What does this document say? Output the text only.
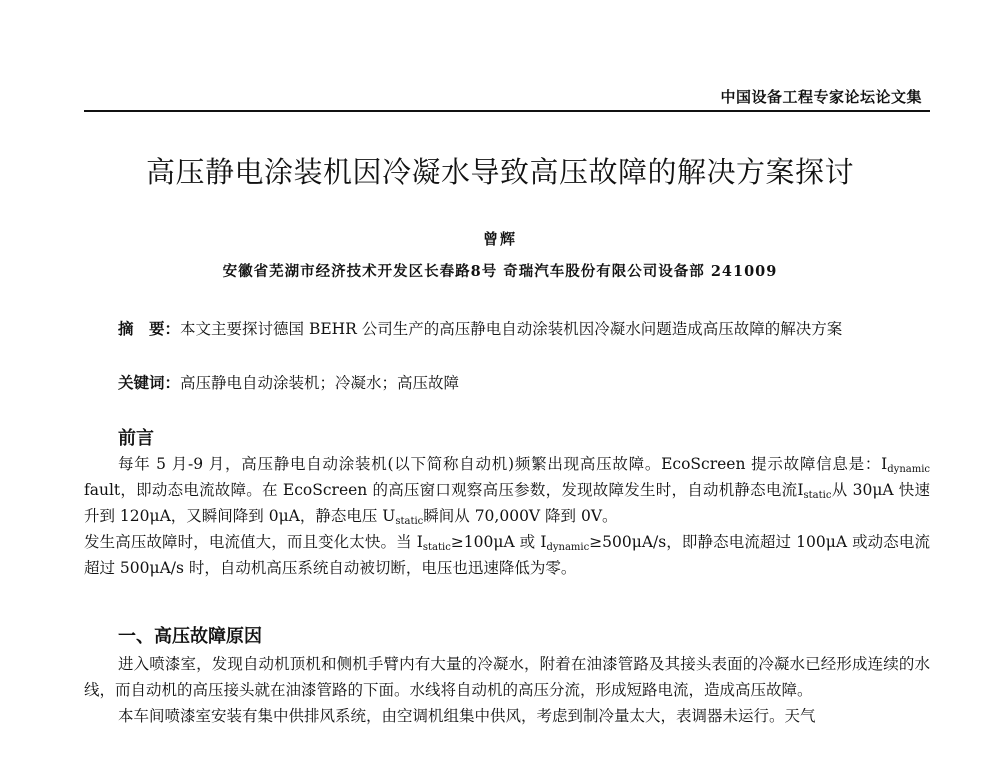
中国设备工程专家论坛论文集
高压静电涂装机因冷凝水导致高压故障的解决方案探讨
曾辉
安徽省芜湖市经济技术开发区长春路8号 奇瑞汽车股份有限公司设备部 241009
摘　要：本文主要探讨德国 BEHR 公司生产的高压静电自动涂装机因冷凝水问题造成高压故障的解决方案
关键词：高压静电自动涂装机；冷凝水；高压故障
前言

每年 5 月-9 月，高压静电自动涂装机(以下简称自动机)频繁出现高压故障。EcoScreen 提示故障信息是：$I_{dynamic}$ fault，即动态电流故障。在 EcoScreen 的高压窗口观察高压参数，发现故障发生时，自动机静态电流$I_{static}$从 30μA 快速升到 120μA，又瞬间降到 0μA，静态电压 $U_{static}$瞬间从 70,000V 降到 0V。

发生高压故障时，电流值大，而且变化太快。当 $I_{static}\ge 100\mu A$ 或 $I_{dynamic}\ge 500\mu A/s$，即静态电流超过 100μA 或动态电流超过 500μA/s 时，自动机高压系统自动被切断，电压也迅速降低为零。

一、高压故障原因

进入喷漆室，发现自动机顶机和侧机手臂内有大量的冷凝水，附着在油漆管路及其接头表面的冷凝水已经形成连续的水线，而自动机的高压接头就在油漆管路的下面。水线将自动机的高压分流，形成短路电流，造成高压故障。

本车间喷漆室安装有集中供排风系统，由空调机组集中供风，考虑到制冷量太大，表调器未运行。天气
